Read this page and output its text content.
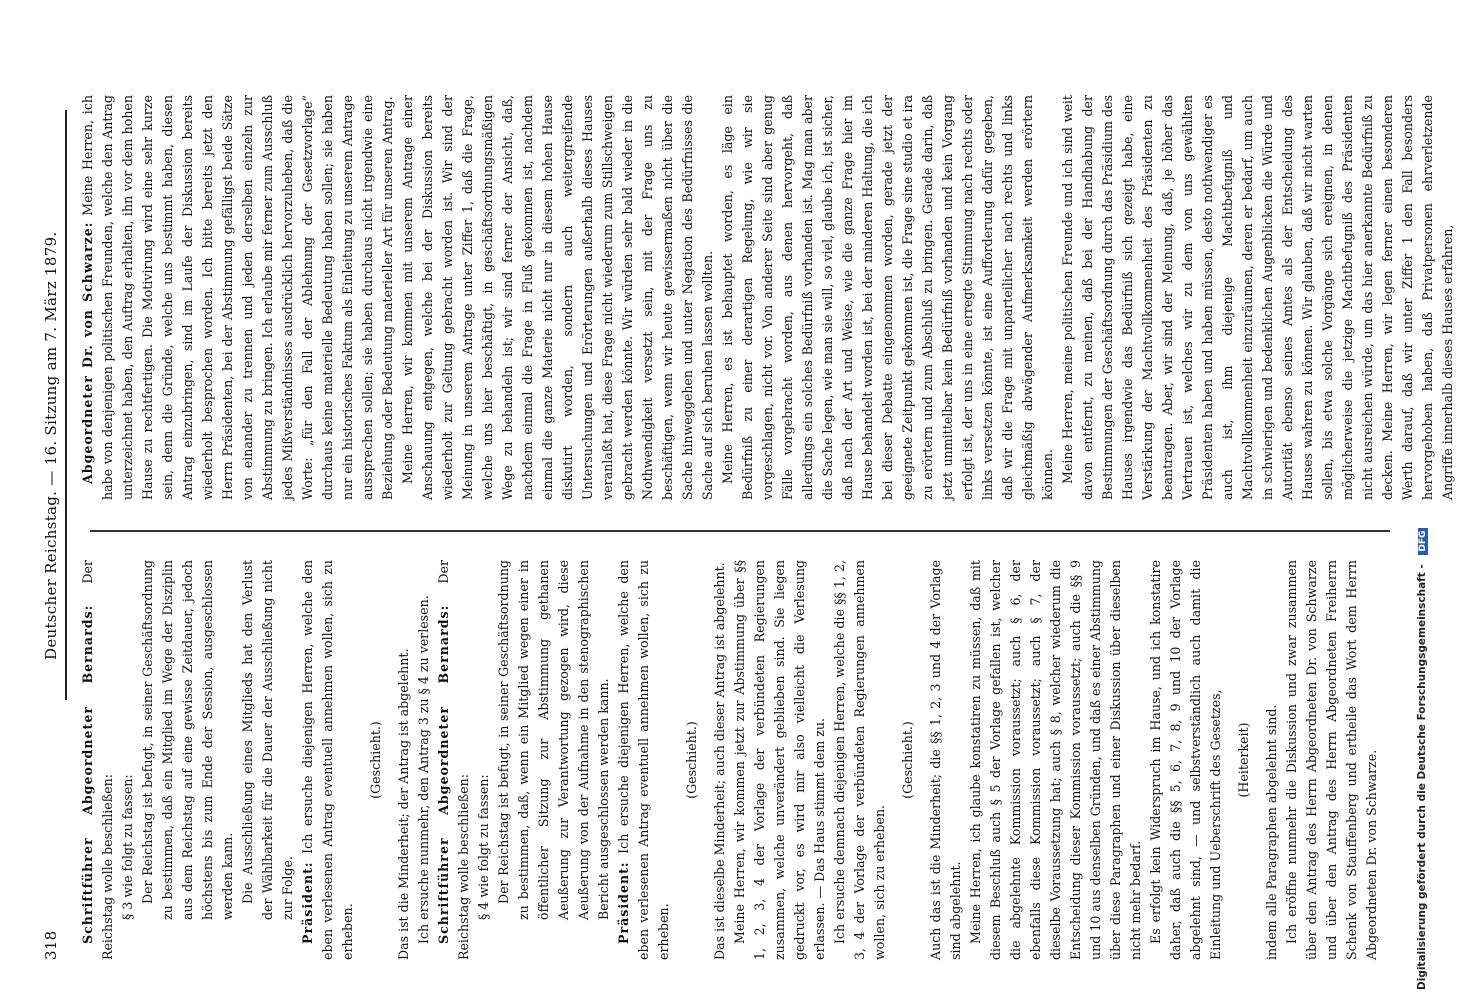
318
Deutscher Reichstag. — 16. Sitzung am 7. März 1879.

Schriftführer Abgeordneter Bernards: Der Reichstag wolle beschließen: § 3 wie folgt zu fassen: Der Reichstag ist befugt, in seiner Geschäftsordnung zu bestimmen, daß ein Mitglied im Wege der Disziplin aus dem Reichstag auf eine gewisse Zeitdauer, jedoch höchstens bis zum Ende der Session, ausgeschlossen werden kann. Die Ausschließung eines Mitglieds hat den Verlust der Wählbarkeit für die Dauer der Ausschließung nicht zur Folge. Präsident: Ich ersuche diejenigen Herren, welche den eben verlesenen Antrag eventuell annehmen wollen, sich zu erheben.

(Geschieht.) Das ist die Minderheit; der Antrag ist abgelehnt. Ich ersuche nunmehr, den Antrag 3 zu § 4 zu verlesen. Schriftführer Abgeordneter Bernards: Der Reichstag wolle beschließen: § 4 wie folgt zu fassen: Der Reichstag ist befugt, in seiner Geschäftsordnung zu bestimmen, daß, wenn ein Mitglied wegen einer in öffentlicher Sitzung zur Abstimmung gethanen Aeußerung zur Verantwortung gezogen wird, diese Aeußerung von der Aufnahme in den stenographischen Bericht ausgeschlossen werden kann. Präsident: Ich ersuche diejenigen Herren, welche den eben verlesenen Antrag eventuell annehmen wollen, sich zu erheben.

(Geschieht.) Das ist dieselbe Minderheit; auch dieser Antrag ist abgelehnt. Meine Herren, wir kommen jetzt zur Abstimmung über §§ 1, 2, 3, 4 der Vorlage der verbündeten Regierungen zusammen, welche unverändert geblieben sind. Sie liegen gedruckt vor, es wird mir also vielleicht die Verlesung erlassen. — Das Haus stimmt dem zu. Ich ersuche demnach diejenigen Herren, welche die §§ 1, 2, 3, 4 der Vorlage der verbündeten Regierungen annehmen wollen, sich zu erheben.

(Geschieht.) Auch das ist die Minderheit; die §§ 1, 2, 3 und 4 der Vorlage sind abgelehnt. Meine Herren, ich glaube konstatiren zu müssen, daß mit diesem Beschluß auch § 5 der Vorlage gefallen ist, welcher die abgelehnte Kommission voraussetzt; auch § 6, der ebenfalls diese Kommission voraussetzt; auch § 7, der dieselbe Voraussetzung hat; auch § 8, welcher wiederum die Entscheidung dieser Kommission voraussetzt; auch die §§ 9 und 10 aus denselben Gründen, und daß es einer Abstimmung über diese Paragraphen und einer Diskussion über dieselben nicht mehr bedarf. Es erfolgt kein Widerspruch im Hause, und ich konstatire daher, daß auch die §§ 5, 6, 7, 8, 9 und 10 der Vorlage abgelehnt sind, — und selbstverständlich auch damit die Einleitung und Ueberschrift des Gesetzes, (Heiterkeit) indem alle Paragraphen abgelehnt sind. Ich eröffne nunmehr die Diskussion und zwar zusammen über den Antrag des Herrn Abgeordneten Dr. von Schwarze und über den Antrag des Herrn Abgeordneten Freiherrn Schenk von Stauffenberg und ertheile das Wort dem Herrn Abgeordneten Dr. von Schwarze.

Abgeordneter Dr. von Schwarze: Meine Herren, ich habe von denjenigen politischen Freunden, welche den Antrag unterzeichnet haben, den Auftrag erhalten, ihn vor dem hohen Hause zu rechtfertigen. Die Motivirung wird eine sehr kurze sein, denn die Gründe, welche uns bestimmt haben, diesen Antrag einzubringen, sind im Laufe der Diskussion bereits wiederholt besprochen worden. Ich bitte bereits jetzt den Herrn Präsidenten, bei der Abstimmung gefälligst beide Sätze von einander zu trennen und jeden derselben einzeln zur Abstimmung zu bringen. Ich erlaube mir ferner zum Ausschluß jedes Mißverständnisses ausdrücklich hervorzuheben, daß die Worte: „für den Fall der Ablehnung der Gesetzvorlage“ durchaus keine materielle Bedeutung haben sollen; sie haben nur ein historisches Faktum als Einleitung zu unserem Antrage aussprechen sollen; sie haben durchaus nicht irgendwie eine Beziehung oder Bedeutung materieller Art für unseren Antrag. Meine Herren, wir kommen mit unserem Antrage einer Anschauung entgegen, welche bei der Diskussion bereits wiederholt zur Geltung gebracht worden ist. Wir sind der Meinung in unserem Antrage unter Ziffer 1, daß die Frage, welche uns hier beschäftigt, in geschäftsordnungsmäßigen Wege zu behandeln ist; wir sind ferner der Ansicht, daß, nachdem einmal die Frage in Fluß gekommen ist, nachdem einmal die ganze Materie nicht nur in diesem hohen Hause diskutirt worden, sondern auch weitergreifende Untersuchungen und Erörterungen außerhalb dieses Hauses veranlaßt hat, diese Frage nicht wiederum zum Stillschweigen gebracht werden könnte. Wir würden sehr bald wieder in die Nothwendigkeit versetzt sein, mit der Frage uns zu beschäftigen, wenn wir heute gewissermaßen nicht über die Sache hinweggehen und unter Negation des Bedürfnisses die Sache auf sich beruhen lassen wollten. Meine Herren, es ist behauptet worden, es läge ein Bedürfniß zu einer derartigen Regelung, wie wir sie vorgeschlagen, nicht vor. Von anderer Seite sind aber genug Fälle vorgebracht worden, aus denen hervorgeht, daß allerdings ein solches Bedürfniß vorhanden ist. Mag man aber die Sache legen, wie man sie will, so viel, glaube ich, ist sicher, daß nach der Art und Weise, wie die ganze Frage hier im Hause behandelt worden ist, bei der minderen Haltung, die ich bei dieser Debatte eingenommen worden, gerade jetzt der geeignete Zeitpunkt gekommen ist, die Frage sine studio et ira zu erörtern und zum Abschluß zu bringen. Gerade darin, daß jetzt unmittelbar kein Bedürfniß vorhanden und kein Vorgang erfolgt ist, der uns in eine erregte Stimmung nach rechts oder links versetzen könnte, ist eine Aufforderung dafür gegeben, daß wir die Frage mit unparteilicher nach rechts und links gleichmäßig abwägender Aufmerksamkeit werden erörtern können. Meine Herren, meine politischen Freunde und ich sind weit davon entfernt, zu meinen, daß bei der Handhabung der Bestimmungen der Geschäftsordnung durch das Präsidium des Hauses irgendwie das Bedürfniß sich gezeigt habe, eine Verstärkung der Machtvollkommenheit des Präsidenten zu beantragen. Aber, wir sind der Meinung, daß, je höher das Vertrauen ist, welches wir zu dem von uns gewählten Präsidenten haben und haben müssen, desto nothwendiger es auch ist, ihm diejenige Machtbefugniß und Machtvollkommenheit einzuräumen, deren er bedarf, um auch in schwierigen und bedenklichen Augenblicken die Würde und Autorität ebenso seines Amtes als der Entscheidung des Hauses wahren zu können. Wir glauben, daß wir nicht warten sollen, bis etwa solche Vorgänge sich ereignen, in denen möglicherweise die jetzige Machtbefugniß des Präsidenten nicht ausreichen würde, um das hier anerkannte Bedürfniß zu decken. Meine Herren, wir legen ferner einen besonderen Werth darauf, daß wir unter Ziffer 1 den Fall besonders hervorgehoben haben, daß Privatpersonen ehrverletzende Angriffe innerhalb dieses Hauses erfahren,

Digitalisierung gefördert durch die Deutsche Forschungsgemeinschaft - DFG
